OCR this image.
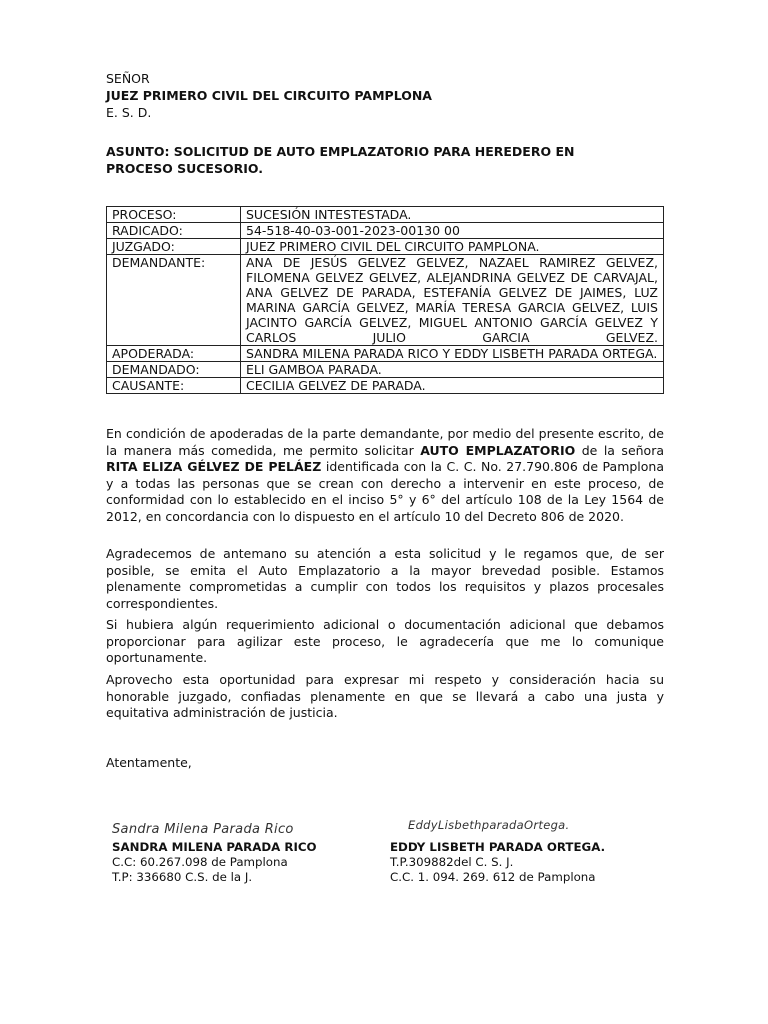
SEÑOR
JUEZ PRIMERO CIVIL DEL CIRCUITO PAMPLONA
E. S. D.
ASUNTO: SOLICITUD DE AUTO EMPLAZATORIO PARA HEREDERO EN
PROCESO SUCESORIO.
PROCESO:	SUCESIÓN INTESTESTADA.
RADICADO:	54-518-40-03-001-2023-00130 00
JUZGADO:	JUEZ PRIMERO CIVIL DEL CIRCUITO PAMPLONA.
DEMANDANTE:	ANA DE JESÚS GELVEZ GELVEZ, NAZAEL RAMIREZ GELVEZ, FILOMENA GELVEZ GELVEZ, ALEJANDRINA GELVEZ DE CARVAJAL, ANA GELVEZ DE PARADA, ESTEFANÍA GELVEZ DE JAIMES, LUZ MARINA GARCÍA GELVEZ, MARÍA TERESA GARCIA GELVEZ, LUIS JACINTO GARCÍA GELVEZ, MIGUEL ANTONIO GARCÍA GELVEZ Y CARLOS JULIO GARCIA GELVEZ.
APODERADA:	SANDRA MILENA PARADA RICO Y EDDY LISBETH PARADA ORTEGA.
DEMANDADO:	ELI GAMBOA PARADA.
CAUSANTE:	CECILIA GELVEZ DE PARADA.

En condición de apoderadas de la parte demandante, por medio del presente escrito, de la manera más comedida, me permito solicitar AUTO EMPLAZATORIO de la señora RITA ELIZA GÉLVEZ DE PELÁEZ identificada con la C. C. No. 27.790.806 de Pamplona y a todas las personas que se crean con derecho a intervenir en este proceso, de conformidad con lo establecido en el inciso 5° y 6° del artículo 108 de la Ley 1564 de 2012, en concordancia con lo dispuesto en el artículo 10 del Decreto 806 de 2020.

Agradecemos de antemano su atención a esta solicitud y le regamos que, de ser posible, se emita el Auto Emplazatorio a la mayor brevedad posible. Estamos plenamente comprometidas a cumplir con todos los requisitos y plazos procesales correspondientes.

Si hubiera algún requerimiento adicional o documentación adicional que debamos proporcionar para agilizar este proceso, le agradecería que me lo comunique oportunamente.

Aprovecho esta oportunidad para expresar mi respeto y consideración hacia su honorable juzgado, confiadas plenamente en que se llevará a cabo una justa y equitativa administración de justicia.

Atentamente,
Sandra Milena Parada Rico
SANDRA MILENA PARADA RICO
C.C: 60.267.098 de Pamplona
T.P: 336680 C.S. de la J.
EddyLisbethparadaOrtega.
EDDY LISBETH PARADA ORTEGA.
T.P.309882del C. S. J.
C.C. 1. 094. 269. 612 de Pamplona
